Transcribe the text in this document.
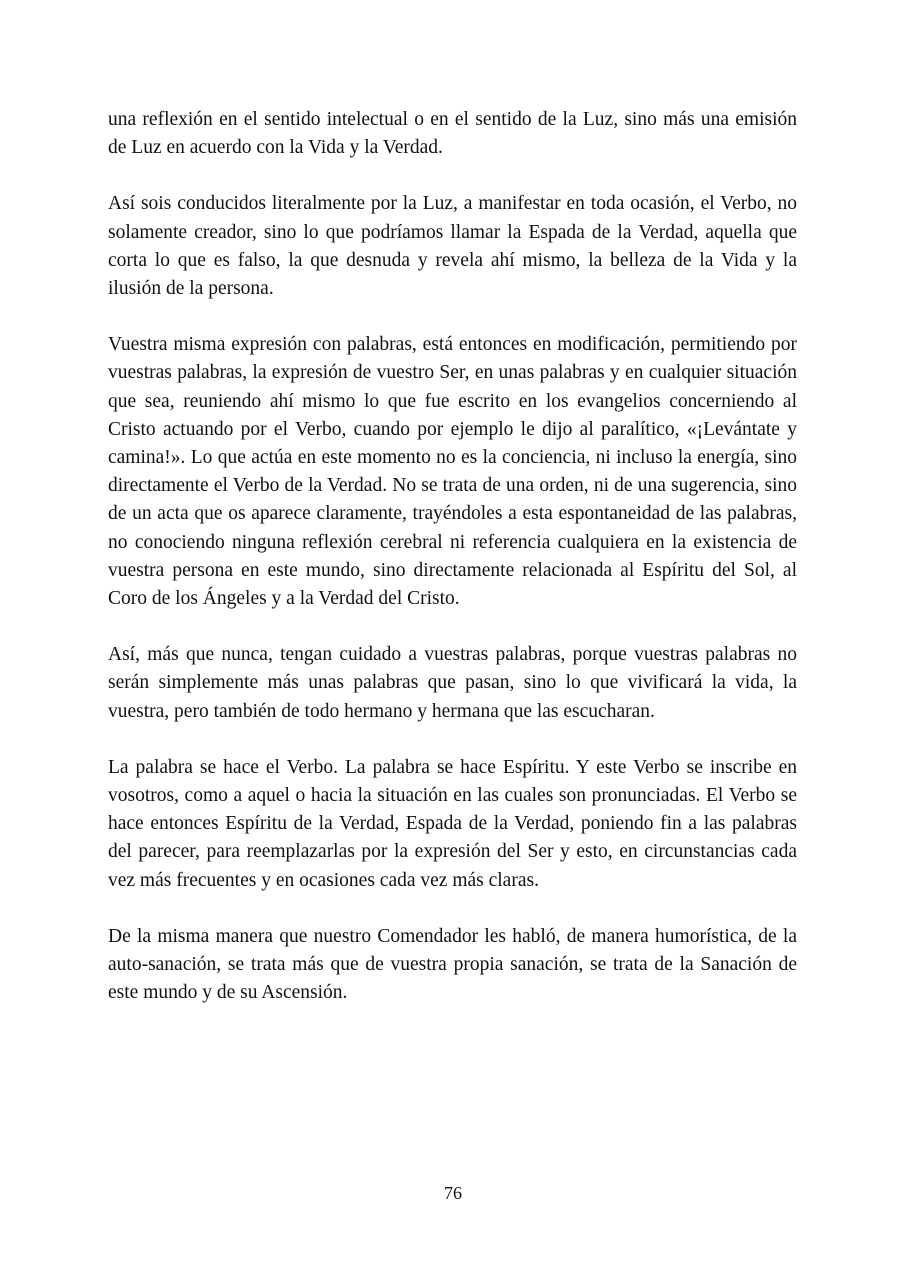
una reflexión en el sentido intelectual o en el sentido de la Luz, sino más una emisión de Luz en acuerdo con la Vida y la Verdad.

Así sois conducidos literalmente por la Luz, a manifestar en toda ocasión, el Verbo, no solamente creador, sino lo que podríamos llamar la Espada de la Verdad, aquella que corta lo que es falso, la que desnuda y revela ahí mismo, la belleza de la Vida y la ilusión de la persona.

Vuestra misma expresión con palabras, está entonces en modificación, permitiendo por vuestras palabras, la expresión de vuestro Ser, en unas palabras y en cualquier situación que sea, reuniendo ahí mismo lo que fue escrito en los evangelios concerniendo al Cristo actuando por el Verbo, cuando por ejemplo le dijo al paralítico, «¡Levántate y camina!». Lo que actúa en este momento no es la conciencia, ni incluso la energía, sino directamente el Verbo de la Verdad. No se trata de una orden, ni de una sugerencia, sino de un acta que os aparece claramente, trayéndoles a esta espontaneidad de las palabras, no conociendo ninguna reflexión cerebral ni referencia cualquiera en la existencia de vuestra persona en este mundo, sino directamente relacionada al Espíritu del Sol, al Coro de los Ángeles y a la Verdad del Cristo.

Así, más que nunca, tengan cuidado a vuestras palabras, porque vuestras palabras no serán simplemente más unas palabras que pasan, sino lo que vivificará la vida, la vuestra, pero también de todo hermano y hermana que las escucharan.

La palabra se hace el Verbo. La palabra se hace Espíritu. Y este Verbo se inscribe en vosotros, como a aquel o hacia la situación en las cuales son pronunciadas. El Verbo se hace entonces Espíritu de la Verdad, Espada de la Verdad, poniendo fin a las palabras del parecer, para reemplazarlas por la expresión del Ser y esto, en circunstancias cada vez más frecuentes y en ocasiones cada vez más claras.

De la misma manera que nuestro Comendador les habló, de manera humorística, de la auto-sanación, se trata más que de vuestra propia sanación, se trata de la Sanación de este mundo y de su Ascensión.

76
